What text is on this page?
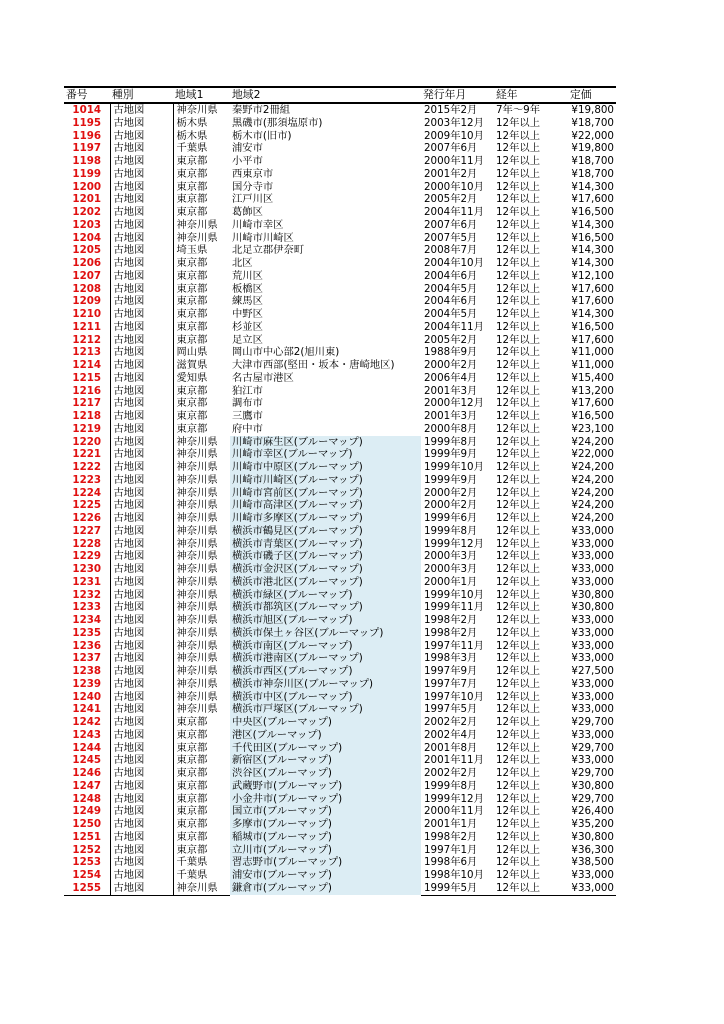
番号	種別	地域1	地域2	発行年月	経年	定価
1014	古地図	神奈川県	秦野市2冊組	2015年2月	7年～9年	¥19,800
1195	古地図	栃木県	黒磯市(那須塩原市)	2003年12月	12年以上	¥18,700
1196	古地図	栃木県	栃木市(旧市)	2009年10月	12年以上	¥22,000
1197	古地図	千葉県	浦安市	2007年6月	12年以上	¥19,800
1198	古地図	東京都	小平市	2000年11月	12年以上	¥18,700
1199	古地図	東京都	西東京市	2001年2月	12年以上	¥18,700
1200	古地図	東京都	国分寺市	2000年10月	12年以上	¥14,300
1201	古地図	東京都	江戸川区	2005年2月	12年以上	¥17,600
1202	古地図	東京都	葛飾区	2004年11月	12年以上	¥16,500
1203	古地図	神奈川県	川崎市幸区	2007年6月	12年以上	¥14,300
1204	古地図	神奈川県	川崎市川崎区	2007年5月	12年以上	¥16,500
1205	古地図	埼玉県	北足立郡伊奈町	2008年7月	12年以上	¥14,300
1206	古地図	東京都	北区	2004年10月	12年以上	¥14,300
1207	古地図	東京都	荒川区	2004年6月	12年以上	¥12,100
1208	古地図	東京都	板橋区	2004年5月	12年以上	¥17,600
1209	古地図	東京都	練馬区	2004年6月	12年以上	¥17,600
1210	古地図	東京都	中野区	2004年5月	12年以上	¥14,300
1211	古地図	東京都	杉並区	2004年11月	12年以上	¥16,500
1212	古地図	東京都	足立区	2005年2月	12年以上	¥17,600
1213	古地図	岡山県	岡山市中心部2(旭川東)	1988年9月	12年以上	¥11,000
1214	古地図	滋賀県	大津市西部(堅田・坂本・唐崎地区)	2000年2月	12年以上	¥11,000
1215	古地図	愛知県	名古屋市港区	2006年4月	12年以上	¥15,400
1216	古地図	東京都	狛江市	2001年3月	12年以上	¥13,200
1217	古地図	東京都	調布市	2000年12月	12年以上	¥17,600
1218	古地図	東京都	三鷹市	2001年3月	12年以上	¥16,500
1219	古地図	東京都	府中市	2000年8月	12年以上	¥23,100
1220	古地図	神奈川県	川崎市麻生区(ブルーマップ)	1999年8月	12年以上	¥24,200
1221	古地図	神奈川県	川崎市幸区(ブルーマップ)	1999年9月	12年以上	¥22,000
1222	古地図	神奈川県	川崎市中原区(ブルーマップ)	1999年10月	12年以上	¥24,200
1223	古地図	神奈川県	川崎市川崎区(ブルーマップ)	1999年9月	12年以上	¥24,200
1224	古地図	神奈川県	川崎市宮前区(ブルーマップ)	2000年2月	12年以上	¥24,200
1225	古地図	神奈川県	川崎市高津区(ブルーマップ)	2000年2月	12年以上	¥24,200
1226	古地図	神奈川県	川崎市多摩区(ブルーマップ)	1999年6月	12年以上	¥24,200
1227	古地図	神奈川県	横浜市鶴見区(ブルーマップ)	1999年8月	12年以上	¥33,000
1228	古地図	神奈川県	横浜市青葉区(ブルーマップ)	1999年12月	12年以上	¥33,000
1229	古地図	神奈川県	横浜市磯子区(ブルーマップ)	2000年3月	12年以上	¥33,000
1230	古地図	神奈川県	横浜市金沢区(ブルーマップ)	2000年3月	12年以上	¥33,000
1231	古地図	神奈川県	横浜市港北区(ブルーマップ)	2000年1月	12年以上	¥33,000
1232	古地図	神奈川県	横浜市緑区(ブルーマップ)	1999年10月	12年以上	¥30,800
1233	古地図	神奈川県	横浜市都筑区(ブルーマップ)	1999年11月	12年以上	¥30,800
1234	古地図	神奈川県	横浜市旭区(ブルーマップ)	1998年2月	12年以上	¥33,000
1235	古地図	神奈川県	横浜市保土ヶ谷区(ブルーマップ)	1998年2月	12年以上	¥33,000
1236	古地図	神奈川県	横浜市南区(ブルーマップ)	1997年11月	12年以上	¥33,000
1237	古地図	神奈川県	横浜市港南区(ブルーマップ)	1998年3月	12年以上	¥33,000
1238	古地図	神奈川県	横浜市西区(ブルーマップ)	1997年9月	12年以上	¥27,500
1239	古地図	神奈川県	横浜市神奈川区(ブルーマップ)	1997年7月	12年以上	¥33,000
1240	古地図	神奈川県	横浜市中区(ブルーマップ)	1997年10月	12年以上	¥33,000
1241	古地図	神奈川県	横浜市戸塚区(ブルーマップ)	1997年5月	12年以上	¥33,000
1242	古地図	東京都	中央区(ブルーマップ)	2002年2月	12年以上	¥29,700
1243	古地図	東京都	港区(ブルーマップ)	2002年4月	12年以上	¥33,000
1244	古地図	東京都	千代田区(ブルーマップ)	2001年8月	12年以上	¥29,700
1245	古地図	東京都	新宿区(ブルーマップ)	2001年11月	12年以上	¥33,000
1246	古地図	東京都	渋谷区(ブルーマップ)	2002年2月	12年以上	¥29,700
1247	古地図	東京都	武蔵野市(ブルーマップ)	1999年8月	12年以上	¥30,800
1248	古地図	東京都	小金井市(ブルーマップ)	1999年12月	12年以上	¥29,700
1249	古地図	東京都	国立市(ブルーマップ)	2000年11月	12年以上	¥26,400
1250	古地図	東京都	多摩市(ブルーマップ)	2001年1月	12年以上	¥35,200
1251	古地図	東京都	稲城市(ブルーマップ)	1998年2月	12年以上	¥30,800
1252	古地図	東京都	立川市(ブルーマップ)	1997年1月	12年以上	¥36,300
1253	古地図	千葉県	習志野市(ブルーマップ)	1998年6月	12年以上	¥38,500
1254	古地図	千葉県	浦安市(ブルーマップ)	1998年10月	12年以上	¥33,000
1255	古地図	神奈川県	鎌倉市(ブルーマップ)	1999年5月	12年以上	¥33,000
